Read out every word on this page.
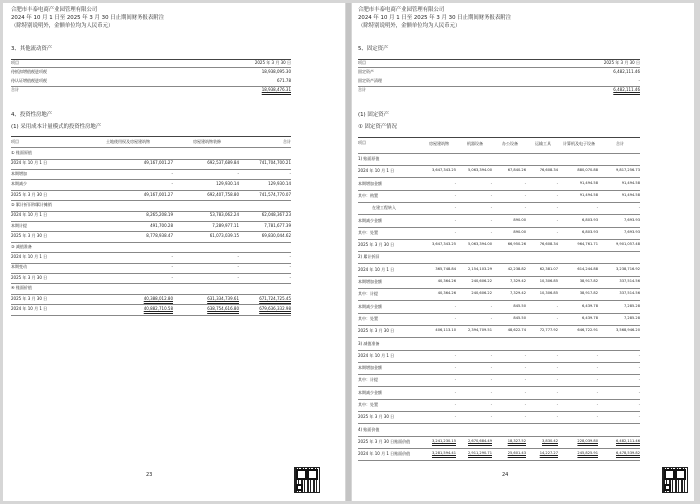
合肥市丰泰电商产业园管理有限公司
2024 年 10 月 1 日至 2025 年 3 月 30 日止期间财务报表附注
（除特别说明外，金额单位均为人民币元）
3、其他流动资产
项目	2025 年 3 月 30 日
4、投资性房地产
(1) 采用成本计量模式的投资性房地产
项目	土地使用权及房屋建筑物	房屋建筑物装修	合计
23
待抵扣增值税进项税	18,938,095.30
待认证增值税进项税	671.78
合计	18,938,476.31
① 账面原值
2024 年 10 月 1 日	49,167,001.27	692,537,689.84	741,704,700.21
本期增加	-	-	-
本期减少	-	129,930.14	129,930.14
2025 年 3 月 30 日	49,167,001.27	692,407,758.80	741,574,770.07
② 累计折旧和累计摊销
2024 年 10 月 1 日	8,265,208.19	53,783,062.24	62,048,367.23
本期计提	491,700.28	7,289,977.11	7,781,677.39
2025 年 3 月 30 日	8,778,938.47	61,073,039.15	69,830,044.62
③ 减值准备
2024 年 10 月 1 日	-	-	-
本期变动	-	-	-
2025 年 3 月 30 日	-	-	-
④ 账面价值
2025 年 3 月 30 日	40,388,012.80	631,334,739.61	671,724,725.45
2024 年 10 月 1 日	40,882,710.58	638,754,616.80	679,636,332.98
合肥市丰泰电商产业园管理有限公司
2024 年 10 月 1 日至 2025 年 3 月 30 日止期间财务报表附注
（除特别说明外，金额单位均为人民币元）
5、固定资产
项目	2025 年 3 月 30 日
(1) 固定资产
① 固定资产情况
24
固定资产	6,482,111.46
固定资产清理	-
合计	6,482,111.46
项目	房屋建筑物	机器设备	办公设备	运输工具	计算机及电子设备	合计
1) 账面原值
2024 年 10 月 1 日	3,647,343.25	5,063,394.00	67,840.26	76,608.34	880,070.88	9,817,256.73
本期增加金额	-	-	-	-	91,494.58	91,494.58
其中：购置	-	-	-	-	91,494.58	91,494.58
在建工程转入	-	-	-	-	-	-
本期减少金额	-	-	890.00	-	6,803.93	7,693.93
其中：处置	-	-	890.00	-	6,803.93	7,693.93
2025 年 3 月 30 日	3,647,343.25	5,063,394.00	66,950.26	76,608.34	964,761.71	9,901,057.48
2) 累计折旧
2024 年 10 月 1 日	365,748.84	2,154,103.29	42,238.82	62,381.07	614,244.88	3,238,716.92
本期增加金额	40,364.26	240,606.22	7,329.42	10,306.85	38,917.82	337,514.56
其中：计提	40,364.26	240,606.22	7,329.42	10,306.85	38,917.82	337,514.56
本期减少金额	-	-	845.50	-	6,439.78	7,285.28
其中：处置	-	-	845.50	-	6,439.78	7,285.28
2025 年 3 月 30 日	406,113.10	2,394,709.51	48,622.74	72,777.92	646,722.91	3,568,946.20
3) 减值准备
2024 年 10 月 1 日	-	-	-	-	-	-
本期增加金额	-	-	-	-	-	-
其中：计提	-	-	-	-	-	-
本期减少金额	-	-	-	-	-	-
其中：处置	-	-	-	-	-	-
2025 年 3 月 30 日	-	-	-	-	-	-
4) 账面价值
2025 年 3 月 30 日账面价值	3,241,230.15	2,670,684.49	18,327.52	3,830.42	228,039.80	6,482,111.46
2024 年 10 月 1 日账面价值	3,281,594.41	2,911,290.71	25,601.43	14,227.27	245,825.91	6,478,539.82
